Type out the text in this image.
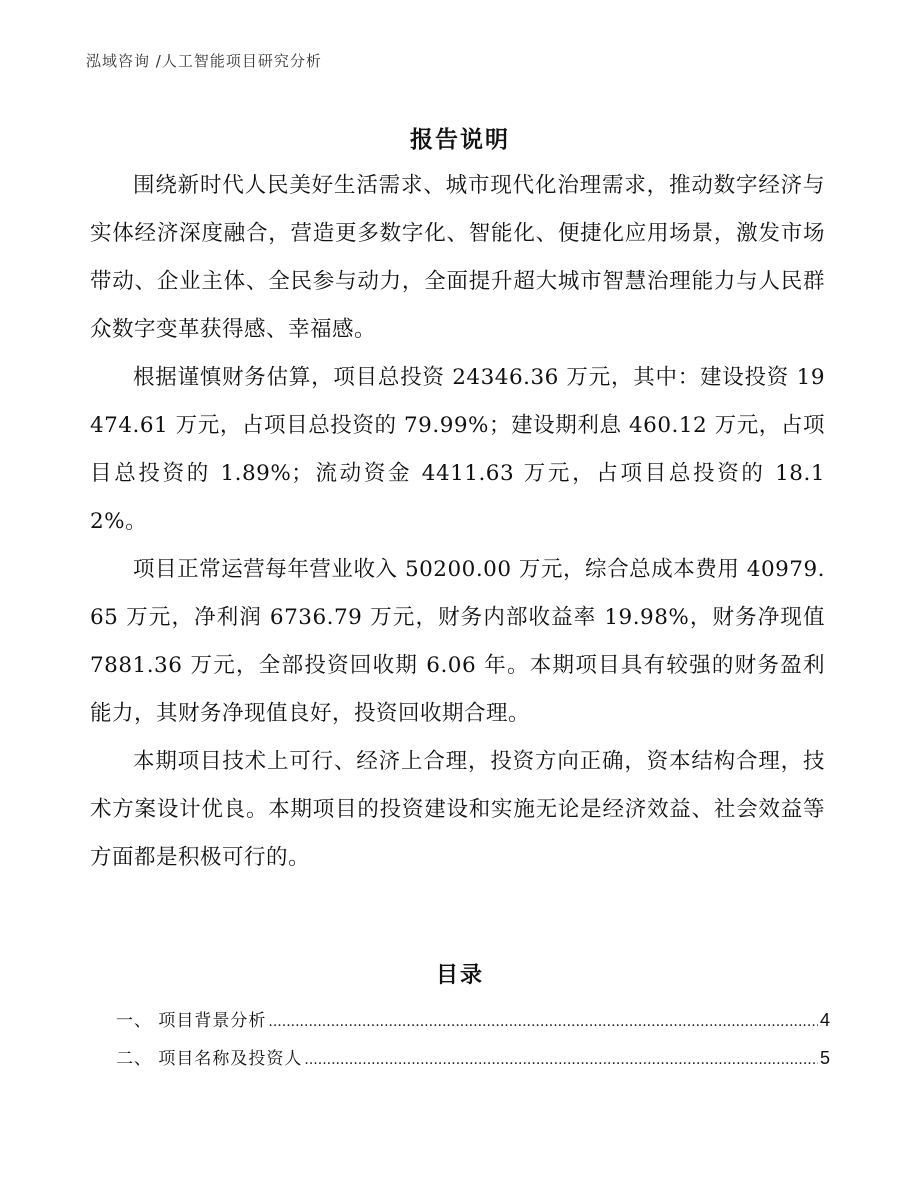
泓域咨询 /人工智能项目研究分析
报告说明

围绕新时代人民美好生活需求、城市现代化治理需求，推动数字经济与实体经济深度融合，营造更多数字化、智能化、便捷化应用场景，激发市场带动、企业主体、全民参与动力，全面提升超大城市智慧治理能力与人民群众数字变革获得感、幸福感。

根据谨慎财务估算，项目总投资 24346.36 万元，其中：建设投资 19474.61 万元，占项目总投资的 79.99%；建设期利息 460.12 万元，占项目总投资的 1.89%；流动资金 4411.63 万元，占项目总投资的 18.12%。

项目正常运营每年营业收入 50200.00 万元，综合总成本费用 40979.65 万元，净利润 6736.79 万元，财务内部收益率 19.98%，财务净现值 7881.36 万元，全部投资回收期 6.06 年。本期项目具有较强的财务盈利能力，其财务净现值良好，投资回收期合理。

本期项目技术上可行、经济上合理，投资方向正确，资本结构合理，技术方案设计优良。本期项目的投资建设和实施无论是经济效益、社会效益等方面都是积极可行的。

目录
一、 项目背景分析 .....	4
二、 项目名称及投资人 .....	5
